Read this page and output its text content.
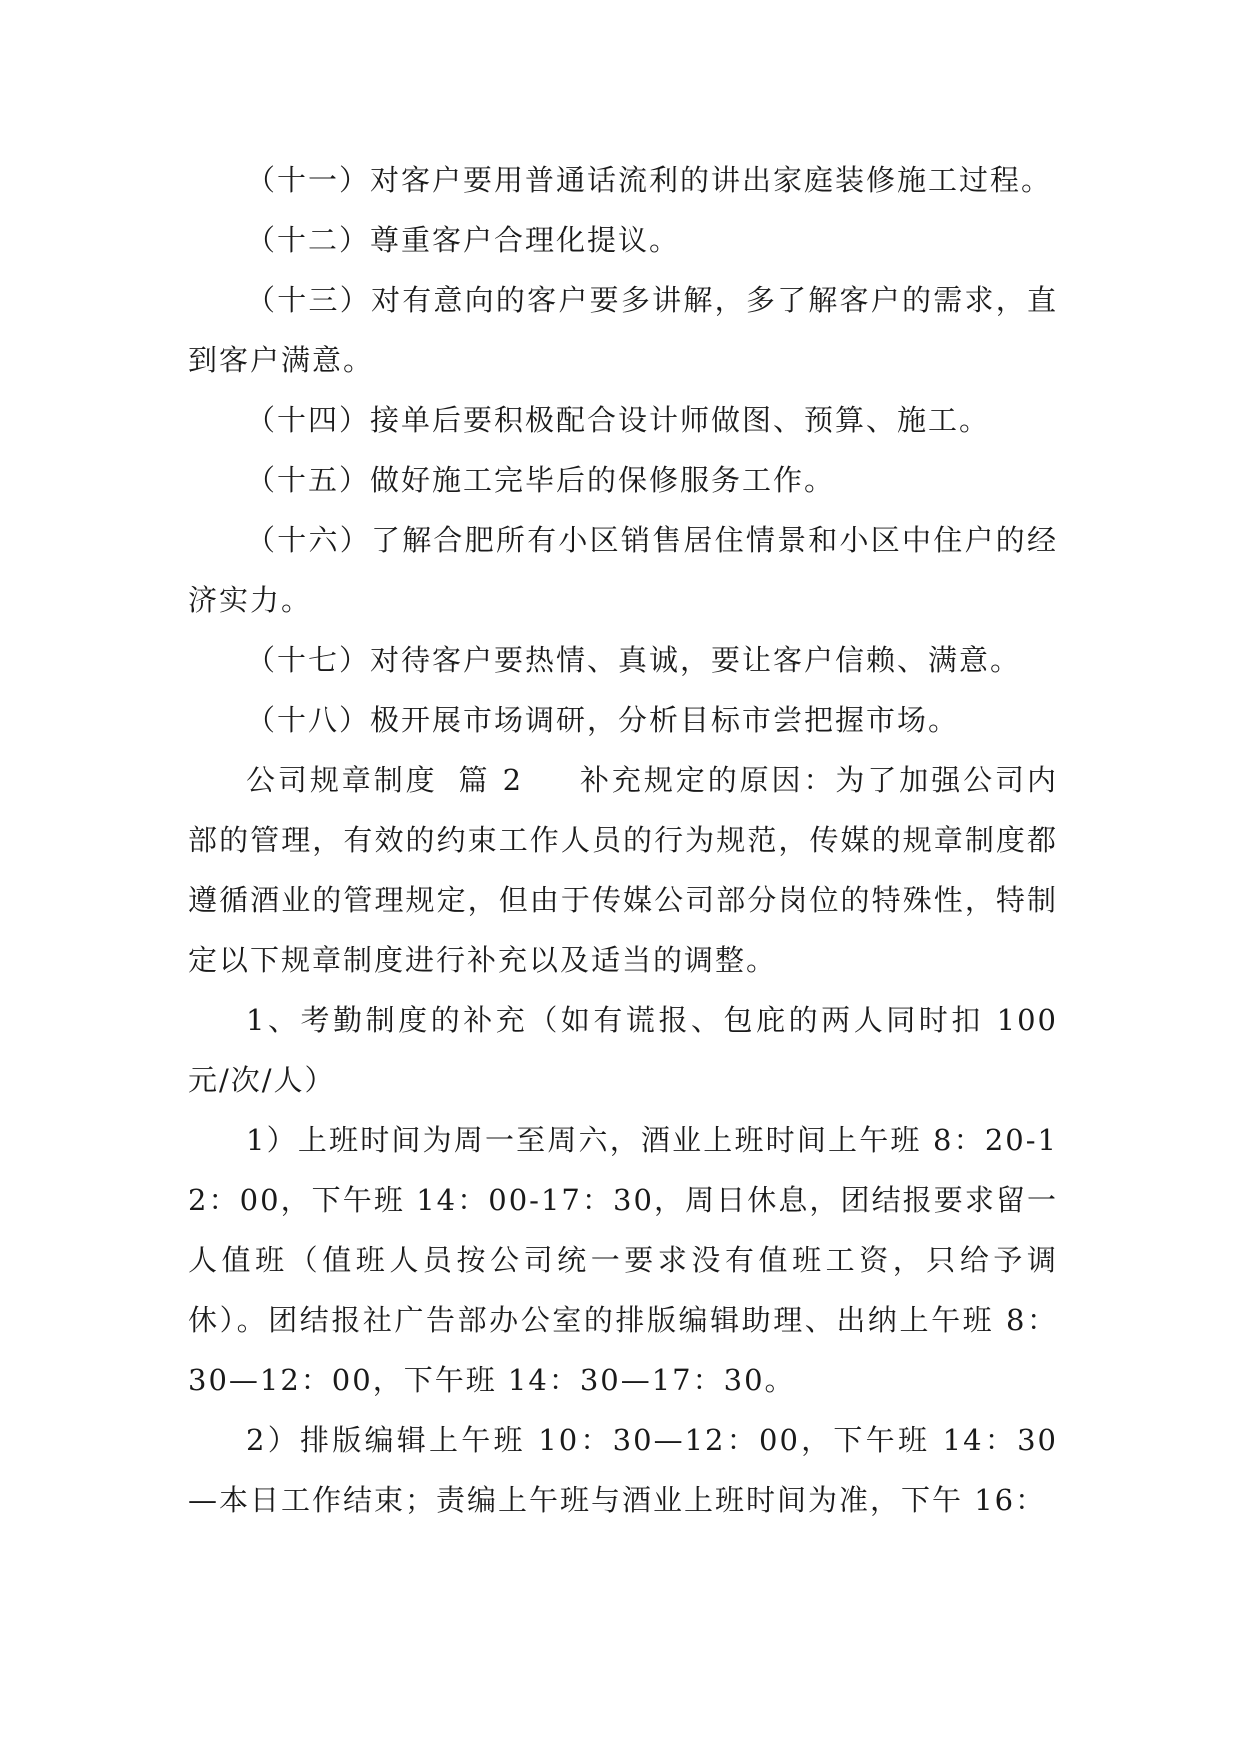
（十一）对客户要用普通话流利的讲出家庭装修施工过程。

（十二）尊重客户合理化提议。

（十三）对有意向的客户要多讲解，多了解客户的需求，直到客户满意。

（十四）接单后要积极配合设计师做图、预算、施工。

（十五）做好施工完毕后的保修服务工作。

（十六）了解合肥所有小区销售居住情景和小区中住户的经济实力。

（十七）对待客户要热情、真诚，要让客户信赖、满意。

（十八）极开展市场调研，分析目标市尝把握市场。

公司规章制度 篇 2 补充规定的原因：为了加强公司内部的管理，有效的约束工作人员的行为规范，传媒的规章制度都遵循酒业的管理规定，但由于传媒公司部分岗位的特殊性，特制定以下规章制度进行补充以及适当的调整。

1、考勤制度的补充（如有谎报、包庇的两人同时扣 100 元/次/人）

1）上班时间为周一至周六，酒业上班时间上午班 8：20-12：00，下午班 14：00-17：30，周日休息，团结报要求留一人值班（值班人员按公司统一要求没有值班工资，只给予调休）。团结报社广告部办公室的排版编辑助理、出纳上午班 8：30—12：00，下午班 14：30—17：30。

2）排版编辑上午班 10：30—12：00，下午班 14：30—本日工作结束；责编上午班与酒业上班时间为准，下午 16：
